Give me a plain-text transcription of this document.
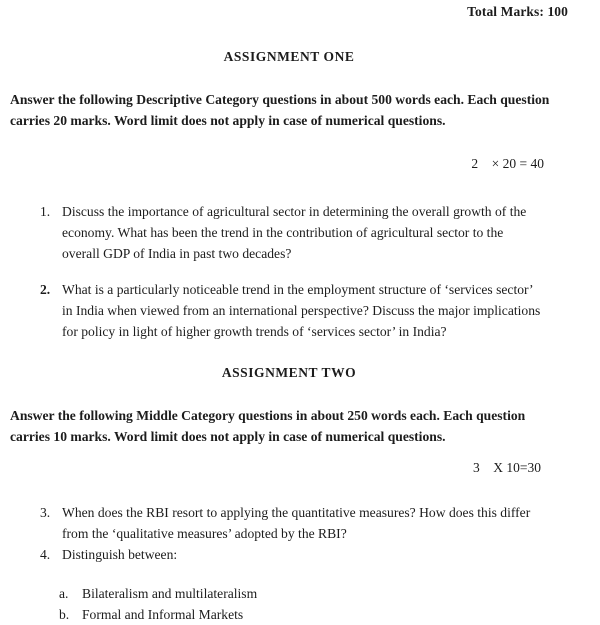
Total Marks: 100
ASSIGNMENT ONE

Answer the following Descriptive Category questions in about 500 words each. Each question carries 20 marks. Word limit does not apply in case of numerical questions.

2    × 20 = 40

1. Discuss the importance of agricultural sector in determining the overall growth of the economy. What has been the trend in the contribution of agricultural sector to the overall GDP of India in past two decades?
2. What is a particularly noticeable trend in the employment structure of ‘services sector’ in India when viewed from an international perspective? Discuss the major implications for policy in light of higher growth trends of ‘services sector’ in India?
ASSIGNMENT TWO

Answer the following Middle Category questions in about 250 words each. Each question carries 10 marks. Word limit does not apply in case of numerical questions.

3    X 10=30

3. When does the RBI resort to applying the quantitative measures? How does this differ from the ‘qualitative measures’ adopted by the RBI?
4. Distinguish between:
a. Bilateralism and multilateralism
b. Formal and Informal Markets
